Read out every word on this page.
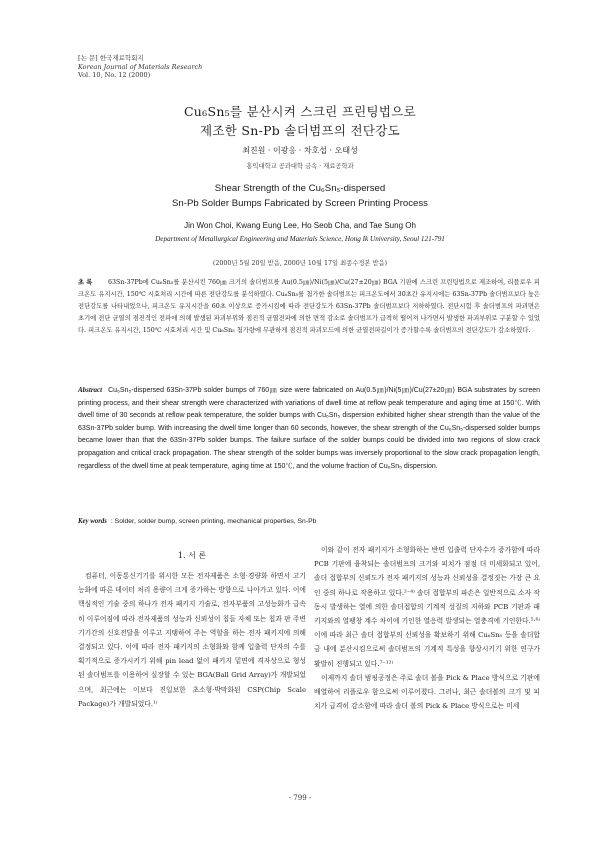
[논 문] 한국재료학회지
Korean Journal of Materials Research
Vol. 10, No. 12 (2000)
Cu₆Sn₅를 분산시켜 스크린 프린팅법으로
제조한 Sn-Pb 솔더범프의 전단강도
최진원 · 이광응 · 차호섭 · 오태성
홍익대학교 공과대학 금속 · 재료공학과
Shear Strength of the Cu₆Sn₅-dispersed
Sn-Pb Solder Bumps Fabricated by Screen Printing Process
Jin Won Choi, Kwang Eung Lee, Ho Seob Cha, and Tae Sung Oh
Department of Metallurgical Engineering and Materials Science, Hong Ik University, Seoul 121-791
(2000년 5월 20일 받음, 2000년 10월 17일 최종수정본 받음)
초 록 63Sn-37Pb에 Cu₆Sn₅를 분산시킨 760㎛ 크기의 솔더범프를 Au(0.5㎛)/Ni(5㎛)/Cu(27±20㎛) BGA 기판에 스크린 프린팅법으로 제조하여, 리플로우 피크온도 유지시간, 150℃ 시효처리 시간에 따른 전단강도를 분석하였다. Cu₆Sn₅를 첨가한 솔더범프는 피크온도에서 30초간 유지시에는 63Sn-37Pb 솔더범프보다 높은 전단강도를 나타내었으나, 피크온도 유지시간을 60초 이상으로 증가시킴에 따라 전단강도가 63Sn-37Pb 솔더범프보다 저하하였다. 전단시험 후 솔더범프의 파괴면은 초기에 전단 균열의 점진적인 전파에 의해 발생된 파괴부위와 점진적 균열전파에 의한 면적 감소로 솔더범프가 급격히 떨어져 나가면서 발생한 파괴부위로 구분할 수 있었다. 피크온도 유지시간, 150℃ 시효처리 시간 및 Cu₆Sn₅ 첨가량에 무관하게 점진적 파괴모드에 의한 균열전파길이가 증가할수록 솔더범프의 전단강도가 감소하였다.
Abstract Cu₆Sn₅-dispersed 63Sn-37Pb solder bumps of 760㎛ size were fabricated on Au(0.5㎛)/Ni(5㎛)/Cu(27±20㎛) BGA substrates by screen printing process, and their shear strength were characterized with variations of dwell time at reflow peak temperature and aging time at 150℃. With dwell time of 30 seconds at reflow peak temperature, the solder bumps with Cu₆Sn₅ dispersion exhibited higher shear strength than the value of the 63Sn-37Pb solder bump. With increasing the dwell time longer than 60 seconds, however, the shear strength of the Cu₆Sn₅-dispersed solder bumps became lower than that the 63Sn-37Pb solder bumps. The failure surface of the solder bumps could be divided into two regions of slow crack propagation and critical crack propagation. The shear strength of the solder bumps was inversely proportional to the slow crack propagation length, regardless of the dwell time at peak temperature, aging time at 150℃, and the volume fraction of Cu₆Sn₅ dispersion.
Key words : Solder, solder bump, screen printing, mechanical properties, Sn-Pb
1. 서 론

컴퓨터, 이동통신기기를 위시한 모든 전자제품은 소형·경량화 하면서 고기능화에 따른 데이터 처리 용량이 크게 증가하는 방향으로 나아가고 있다. 이에 핵심적인 기술 중의 하나가 전자 패키지 기술로, 전자부품의 고성능화가 급속히 이루어짐에 따라 전자제품의 성능과 신뢰성이 칩들 자체 또는 칩과 판 주변 기기간의 신호전달을 이루고 지탱하여 주는 역할을 하는 전자 패키지에 의해 결정되고 있다. 이에 따라 전자 패키지의 소형화와 함께 입출력 단자의 수를 획기적으로 증가시키기 위해 pin lead 없이 패키지 밑면에 격자상으로 형성된 솔더범프를 이용하여 실장할 수 있는 BGA(Ball Grid Array)가 개발되었으며, 최근에는 이보다 진일보한 초소형·박막화된 CSP(Chip Scale Package)가 개발되었다.¹⁾

이와 같이 전자 패키지가 소형화하는 반면 입출력 단자수가 증가함에 따라 PCB 기판에 융착되는 솔더범프의 크기와 피치가 점점 더 미세화되고 있어, 솔더 접합부의 신뢰도가 전자 패키지의 성능과 신뢰성을 결정짓는 가장 큰 요인 중의 하나로 작용하고 있다.²⁻⁴⁾ 솔더 접합부의 파손은 일반적으로 소자 작동시 발생하는 열에 의한 솔더접합의 기계적 성질의 저하와 PCB 기판과 패키지와의 열팽창 계수 차이에 기인한 열응력 발생되는 열충격에 기인한다.⁵·⁶⁾ 이에 따라 최근 솔더 접합부의 신뢰성을 확보하기 위해 Cu₆Sn₅ 등을 솔더합금 내에 분산시킴으로써 솔더범프의 기계적 특성을 향상시키기 위한 연구가 활발히 진행되고 있다.⁷⁻¹²⁾

이제까지 솔더 범핑공정은 주로 솔더 볼을 Pick & Place 방식으로 기판에 배열하여 리플로우 함으로써 이루어졌다. 그러나, 최근 솔더볼의 크기 및 피치가 급격히 감소함에 따라 솔더 볼의 Pick & Place 방식으로는 미세

- 799 -
